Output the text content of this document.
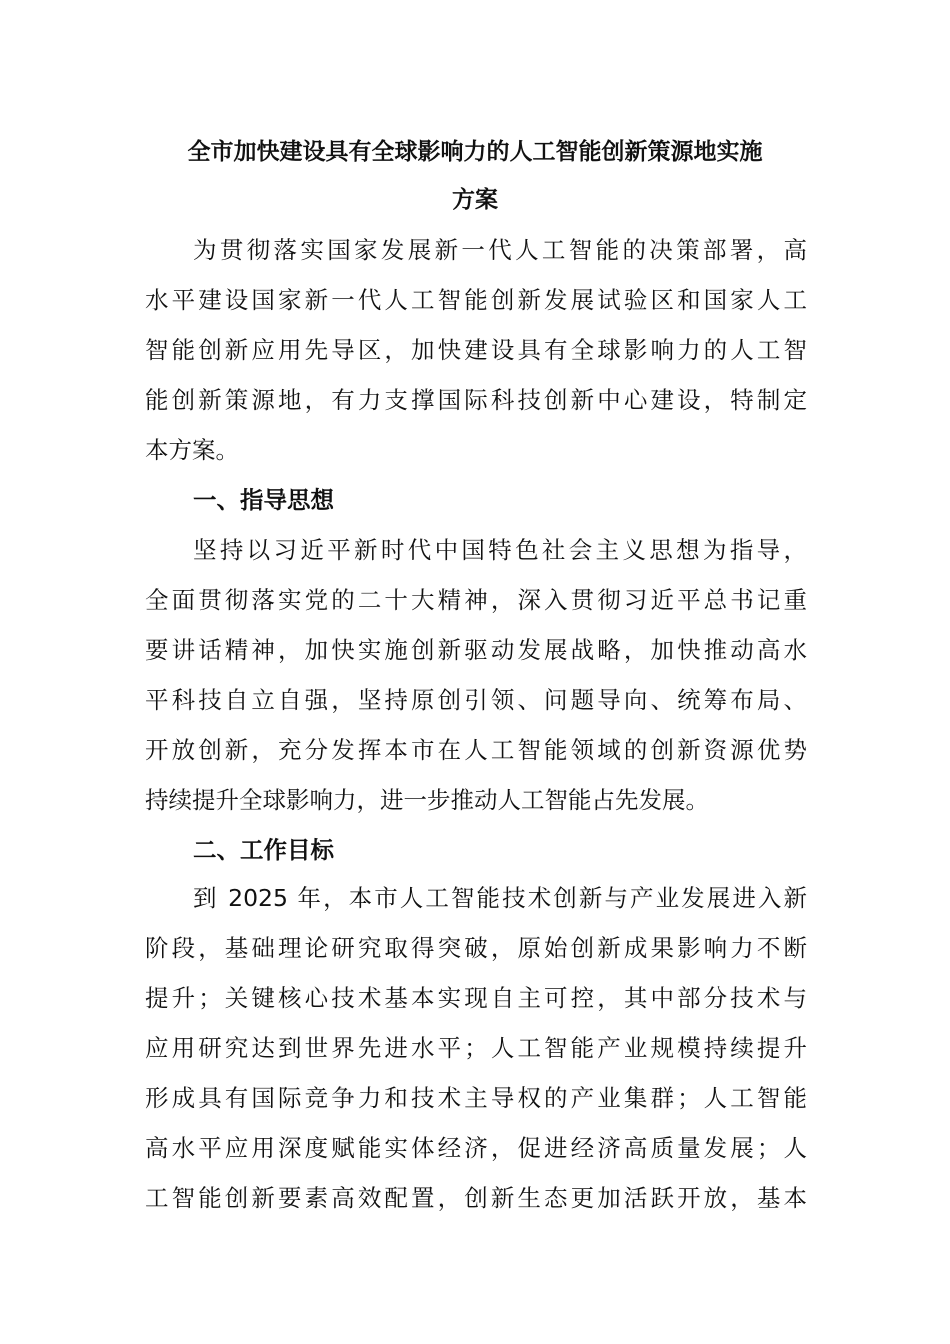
全市加快建设具有全球影响力的人工智能创新策源地实施
方案
为贯彻落实国家发展新一代人工智能的决策部署，高
水平建设国家新一代人工智能创新发展试验区和国家人工
智能创新应用先导区，加快建设具有全球影响力的人工智
能创新策源地，有力支撑国际科技创新中心建设，特制定
本方案。
一、指导思想
坚持以习近平新时代中国特色社会主义思想为指导，
全面贯彻落实党的二十大精神，深入贯彻习近平总书记重
要讲话精神，加快实施创新驱动发展战略，加快推动高水
平科技自立自强，坚持原创引领、问题导向、统筹布局、
开放创新，充分发挥本市在人工智能领域的创新资源优势
持续提升全球影响力，进一步推动人工智能占先发展。
二、工作目标
到 2025 年，本市人工智能技术创新与产业发展进入新
阶段，基础理论研究取得突破，原始创新成果影响力不断
提升；关键核心技术基本实现自主可控，其中部分技术与
应用研究达到世界先进水平；人工智能产业规模持续提升
形成具有国际竞争力和技术主导权的产业集群；人工智能
高水平应用深度赋能实体经济，促进经济高质量发展；人
工智能创新要素高效配置，创新生态更加活跃开放，基本
